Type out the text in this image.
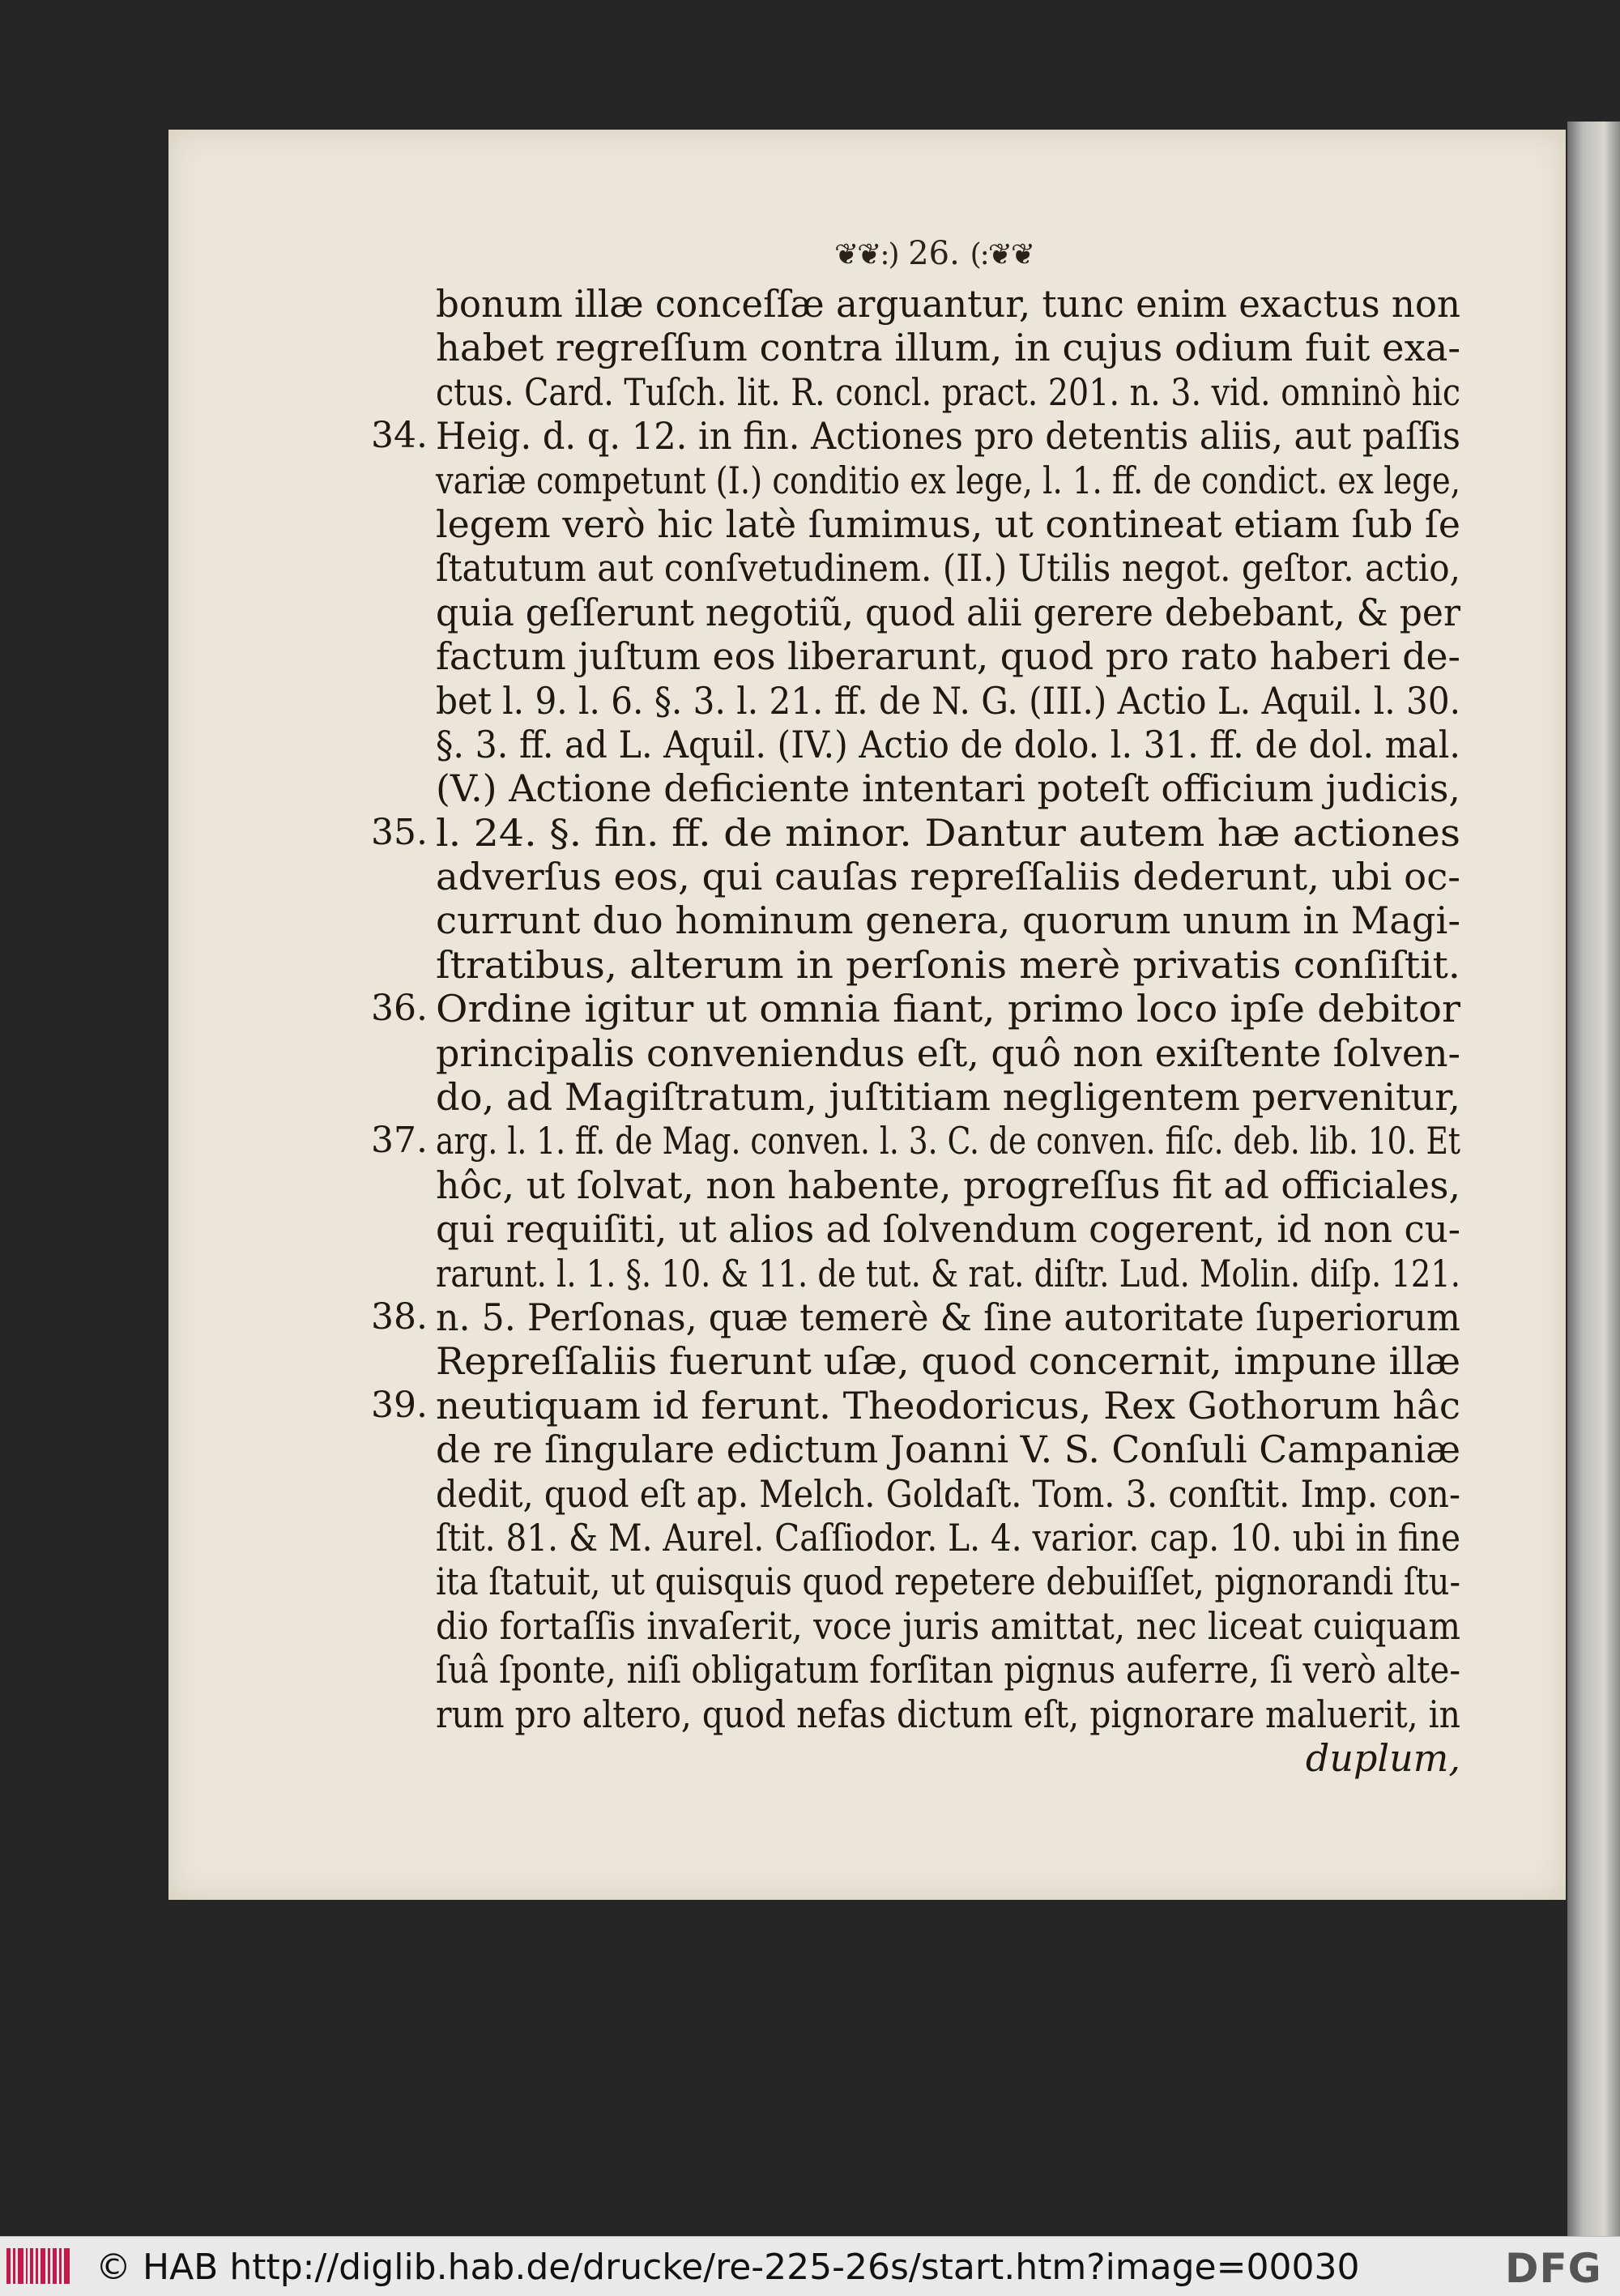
❦❦:) 26. (:❦❦
bonum illæ conceſſæ arguantur, tunc enim exactus non
habet regreſſum contra illum, in cujus odium fuit exa-
ctus. Card. Tuſch. lit. R. concl. pract. 201. n. 3. vid. omninò hic
34. Heig. d. q. 12. in fin. Actiones pro detentis aliis, aut paſſis
variæ competunt (I.) conditio ex lege, l. 1. ff. de condict. ex lege,
legem verò hic latè ſumimus, ut contineat etiam ſub ſe
ſtatutum aut conſvetudinem. (II.) Utilis negot. geſtor. actio,
quia geſſerunt negotiũ, quod alii gerere debebant, & per
factum juſtum eos liberarunt, quod pro rato haberi de-
bet l. 9. l. 6. §. 3. l. 21. ff. de N. G. (III.) Actio L. Aquil. l. 30.
§. 3. ff. ad L. Aquil. (IV.) Actio de dolo. l. 31. ff. de dol. mal.
(V.) Actione deficiente intentari poteſt officium judicis,
35. l. 24. §. fin. ff. de minor. Dantur autem hæ actiones
adverſus eos, qui cauſas repreſſaliis dederunt, ubi oc-
currunt duo hominum genera, quorum unum in Magi-
ſtratibus, alterum in perſonis merè privatis conſiſtit.
36. Ordine igitur ut omnia fiant, primo loco ipſe debitor
principalis conveniendus eſt, quô non exiſtente ſolven-
do, ad Magiſtratum, juſtitiam negligentem pervenitur,
37. arg. l. 1. ff. de Mag. conven. l. 3. C. de conven. fiſc. deb. lib. 10. Et
hôc, ut ſolvat, non habente, progreſſus fit ad officiales,
qui requiſiti, ut alios ad ſolvendum cogerent, id non cu-
rarunt. l. 1. §. 10. & 11. de tut. & rat. diſtr. Lud. Molin. diſp. 121.
38. n. 5. Perſonas, quæ temerè & ſine autoritate ſuperiorum
Repreſſaliis fuerunt uſæ, quod concernit, impune illæ
39. neutiquam id ferunt. Theodoricus, Rex Gothorum hâc
de re ſingulare edictum Joanni V. S. Conſuli Campaniæ
dedit, quod eſt ap. Melch. Goldaſt. Tom. 3. conſtit. Imp. con-
ſtit. 81. & M. Aurel. Caſſiodor. L. 4. varior. cap. 10. ubi in fine
ita ſtatuit, ut quisquis quod repetere debuiſſet, pignorandi ſtu-
dio fortaſſis invaſerit, voce juris amittat, nec liceat cuiquam
ſuâ ſponte, niſi obligatum forſitan pignus auferre, ſi verò alte-
rum pro altero, quod nefas dictum eſt, pignorare maluerit, in
duplum,
© HAB http://diglib.hab.de/drucke/re-225-26s/start.htm?image=00030	DFG
